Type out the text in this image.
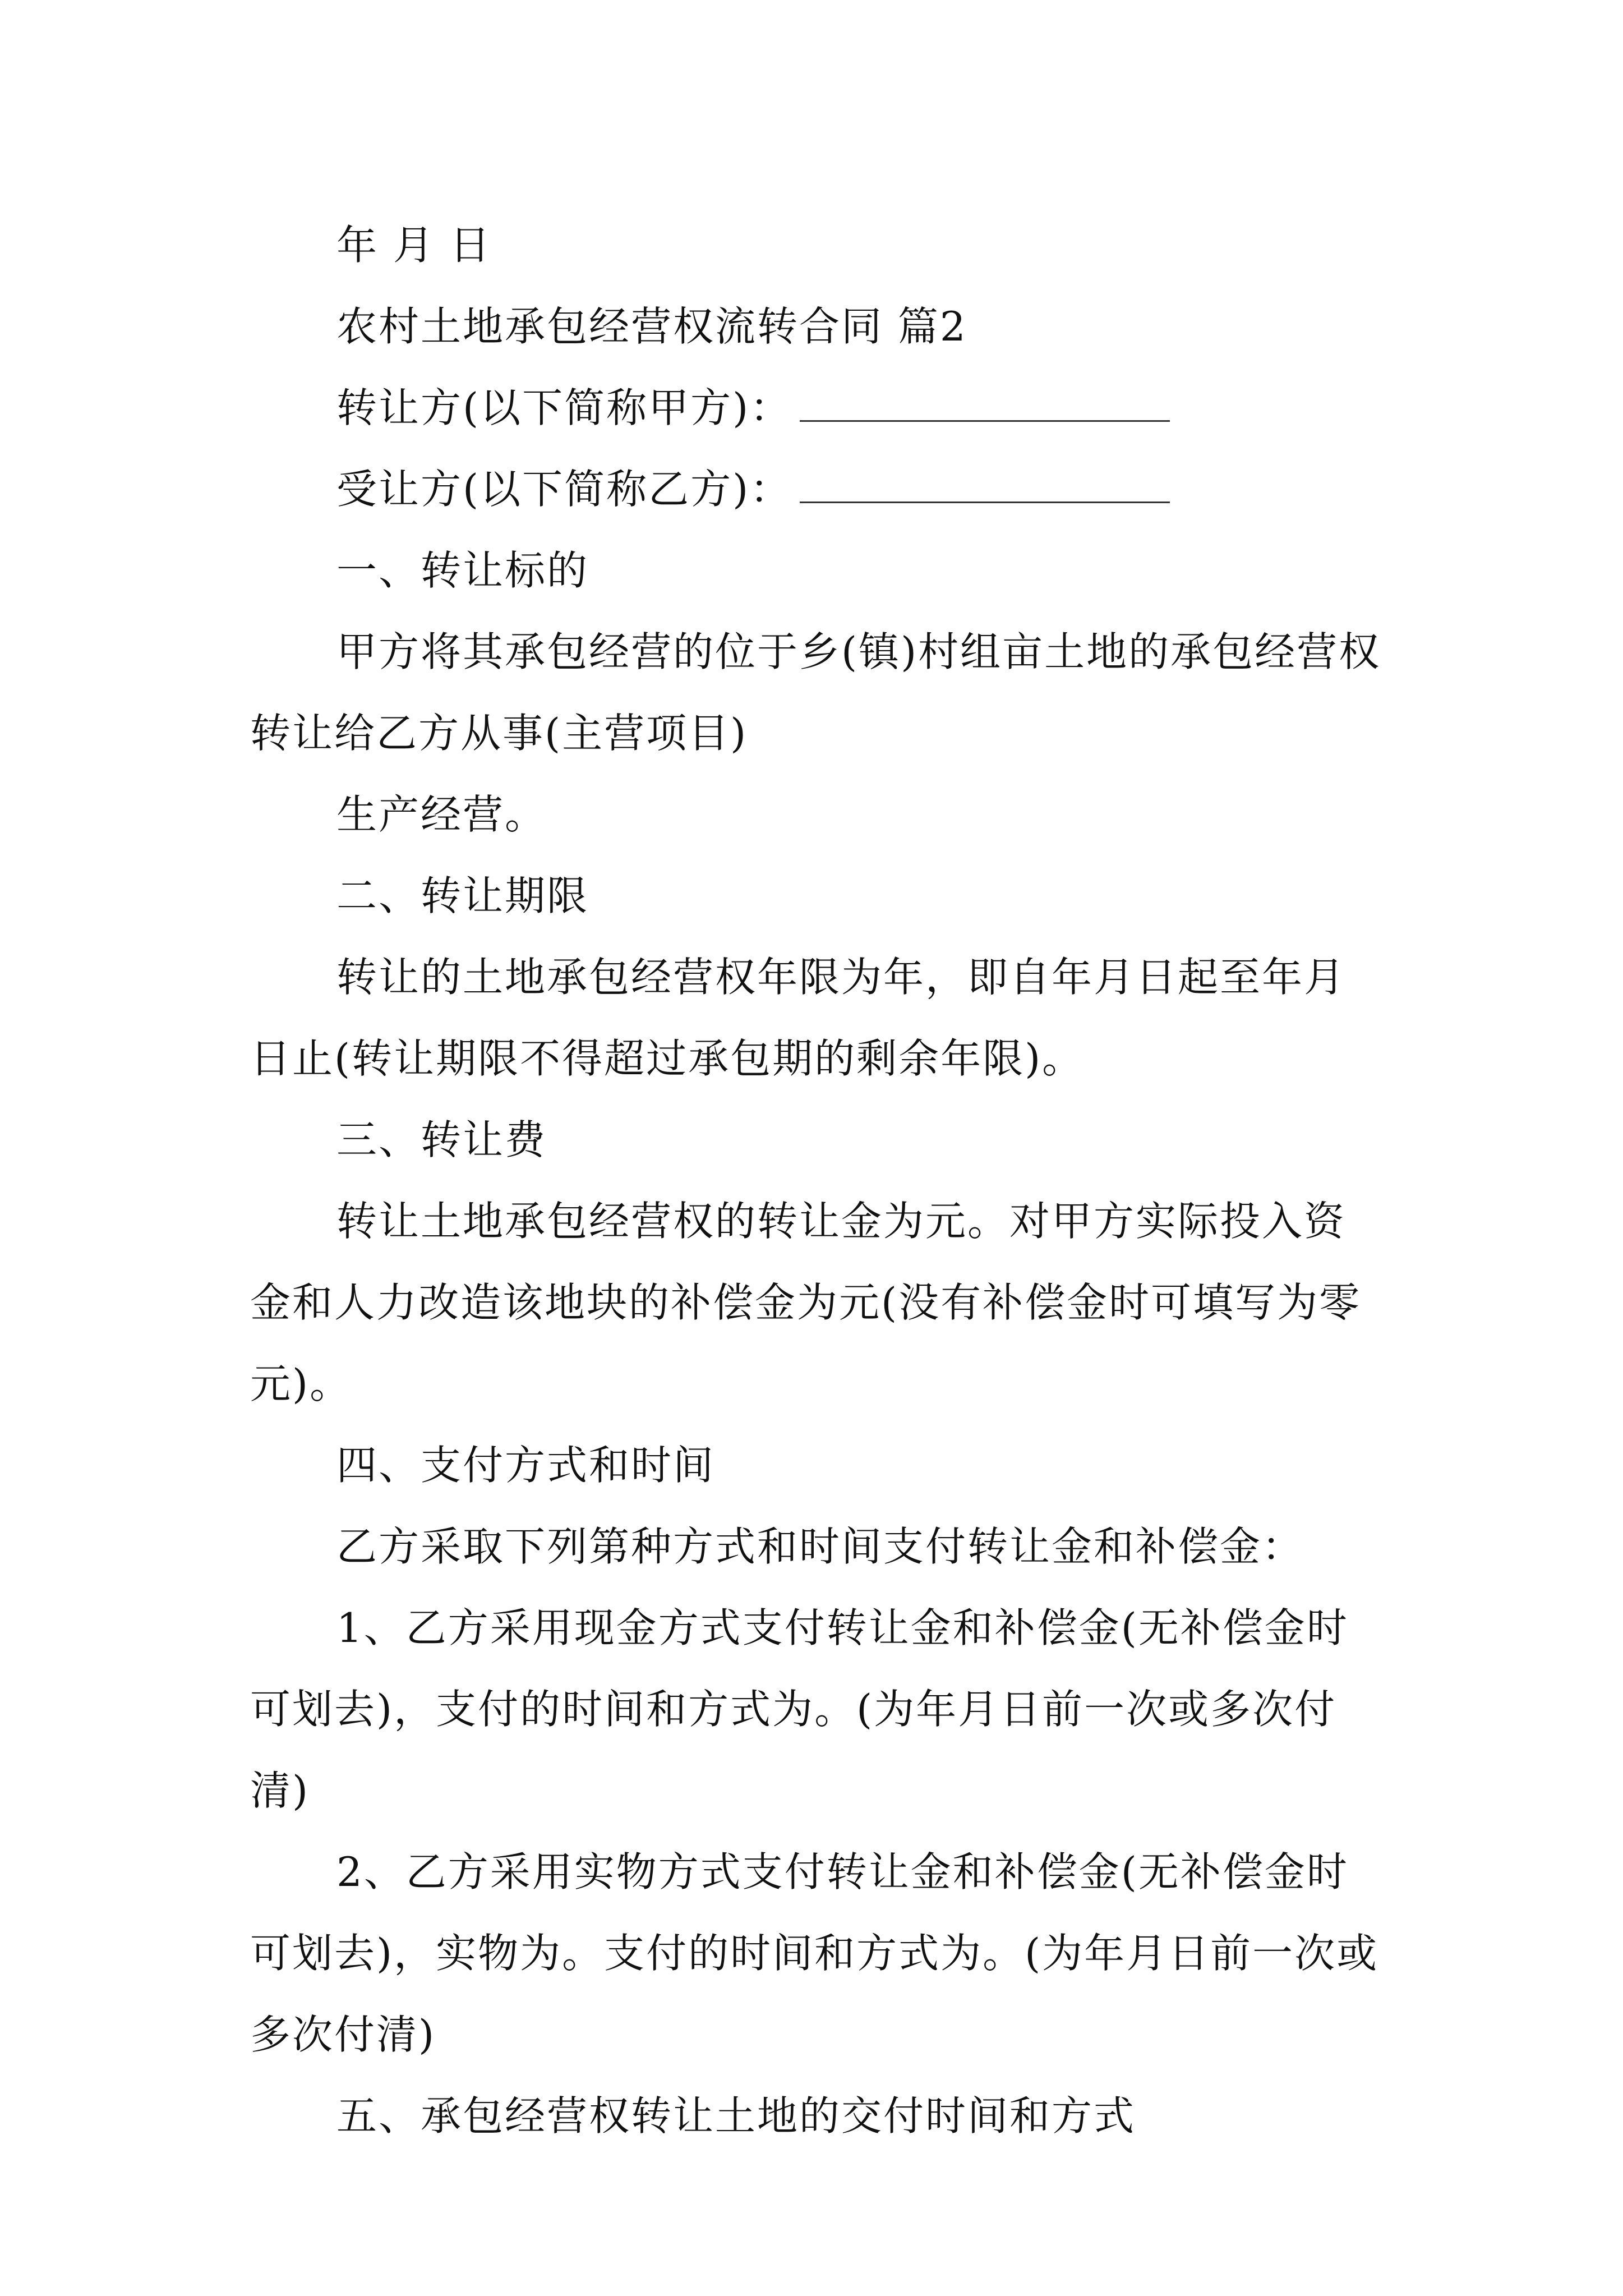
年 月 日

农村土地承包经营权流转合同 篇2

转让方(以下简称甲方)：

受让方(以下简称乙方)：

一、转让标的

甲方将其承包经营的位于乡(镇)村组亩土地的承包经营权转让给乙方从事(主营项目)

生产经营。

二、转让期限

转让的土地承包经营权年限为年，即自年月日起至年月日止(转让期限不得超过承包期的剩余年限)。

三、转让费

转让土地承包经营权的转让金为元。对甲方实际投入资金和人力改造该地块的补偿金为元(没有补偿金时可填写为零元)。

四、支付方式和时间

乙方采取下列第种方式和时间支付转让金和补偿金：

1、乙方采用现金方式支付转让金和补偿金(无补偿金时可划去)，支付的时间和方式为。(为年月日前一次或多次付清)

2、乙方采用实物方式支付转让金和补偿金(无补偿金时可划去)，实物为。支付的时间和方式为。(为年月日前一次或多次付清)

五、承包经营权转让土地的交付时间和方式
